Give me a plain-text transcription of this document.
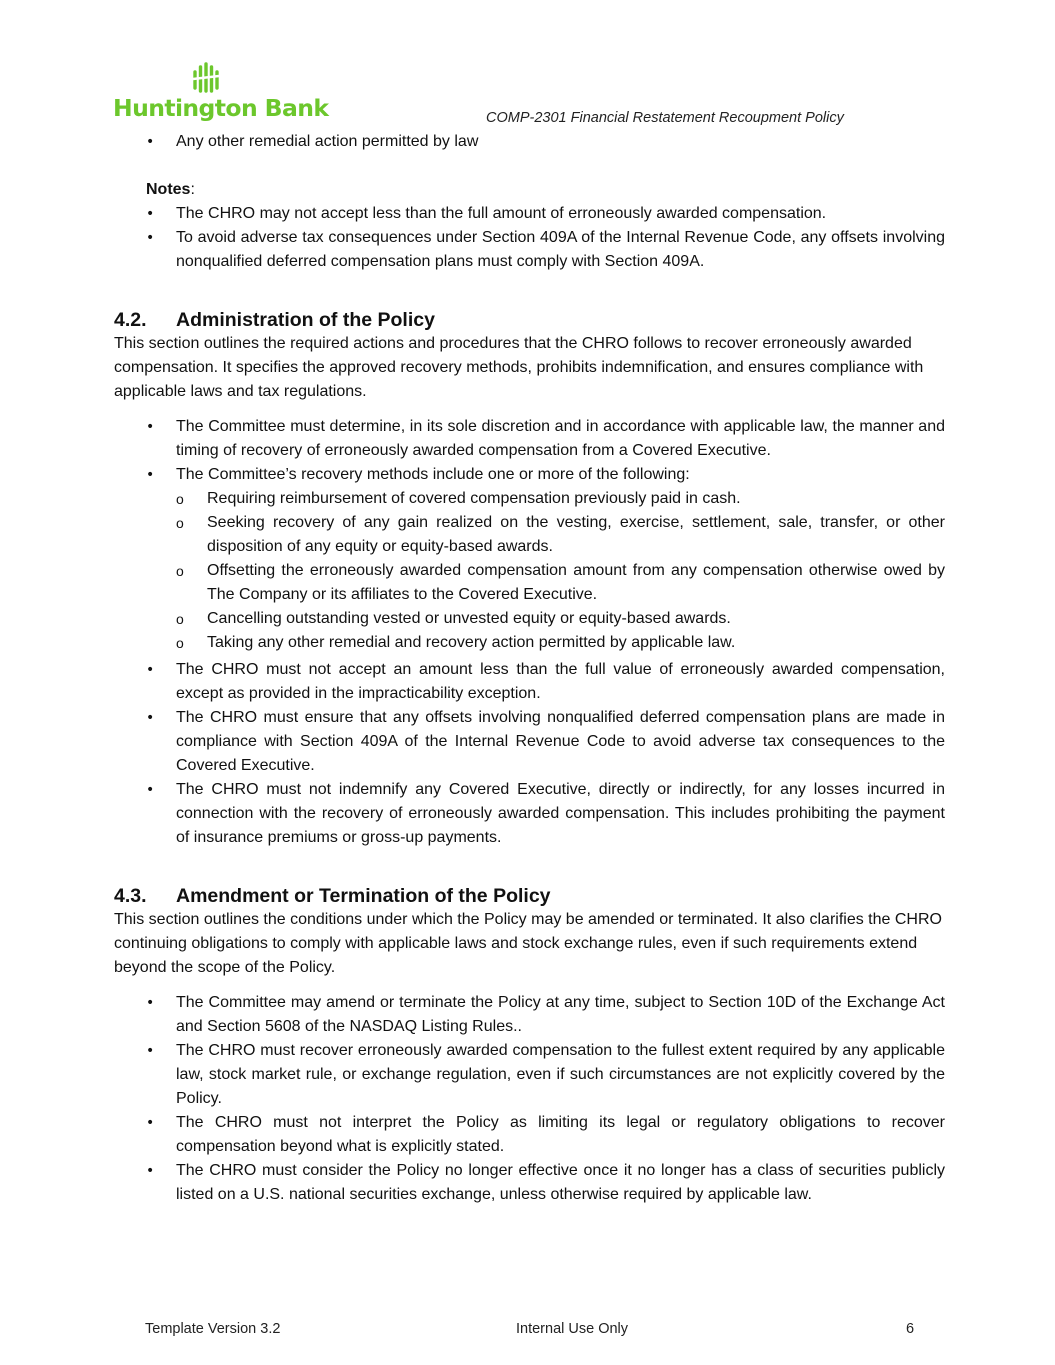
Huntington Bank	COMP-2301 Financial Restatement Recoupment Policy
• Any other remedial action permitted by law
Notes:
• The CHRO may not accept less than the full amount of erroneously awarded compensation.
• To avoid adverse tax consequences under Section 409A of the Internal Revenue Code, any offsets involving nonqualified deferred compensation plans must comply with Section 409A.
4.2. Administration of the Policy
This section outlines the required actions and procedures that the CHRO follows to recover erroneously awarded compensation. It specifies the approved recovery methods, prohibits indemnification, and ensures compliance with applicable laws and tax regulations.
• The Committee must determine, in its sole discretion and in accordance with applicable law, the manner and timing of recovery of erroneously awarded compensation from a Covered Executive.
• The Committee’s recovery methods include one or more of the following:
o Requiring reimbursement of covered compensation previously paid in cash.
o Seeking recovery of any gain realized on the vesting, exercise, settlement, sale, transfer, or other disposition of any equity or equity-based awards.
o Offsetting the erroneously awarded compensation amount from any compensation otherwise owed by The Company or its affiliates to the Covered Executive.
o Cancelling outstanding vested or unvested equity or equity-based awards.
o Taking any other remedial and recovery action permitted by applicable law.
• The CHRO must not accept an amount less than the full value of erroneously awarded compensation, except as provided in the impracticability exception.
• The CHRO must ensure that any offsets involving nonqualified deferred compensation plans are made in compliance with Section 409A of the Internal Revenue Code to avoid adverse tax consequences to the Covered Executive.
• The CHRO must not indemnify any Covered Executive, directly or indirectly, for any losses incurred in connection with the recovery of erroneously awarded compensation. This includes prohibiting the payment of insurance premiums or gross-up payments.
4.3. Amendment or Termination of the Policy
This section outlines the conditions under which the Policy may be amended or terminated. It also clarifies the CHRO continuing obligations to comply with applicable laws and stock exchange rules, even if such requirements extend beyond the scope of the Policy.
• The Committee may amend or terminate the Policy at any time, subject to Section 10D of the Exchange Act and Section 5608 of the NASDAQ Listing Rules..
• The CHRO must recover erroneously awarded compensation to the fullest extent required by any applicable law, stock market rule, or exchange regulation, even if such circumstances are not explicitly covered by the Policy.
• The CHRO must not interpret the Policy as limiting its legal or regulatory obligations to recover compensation beyond what is explicitly stated.
• The CHRO must consider the Policy no longer effective once it no longer has a class of securities publicly listed on a U.S. national securities exchange, unless otherwise required by applicable law.
Template Version 3.2	Internal Use Only	6
